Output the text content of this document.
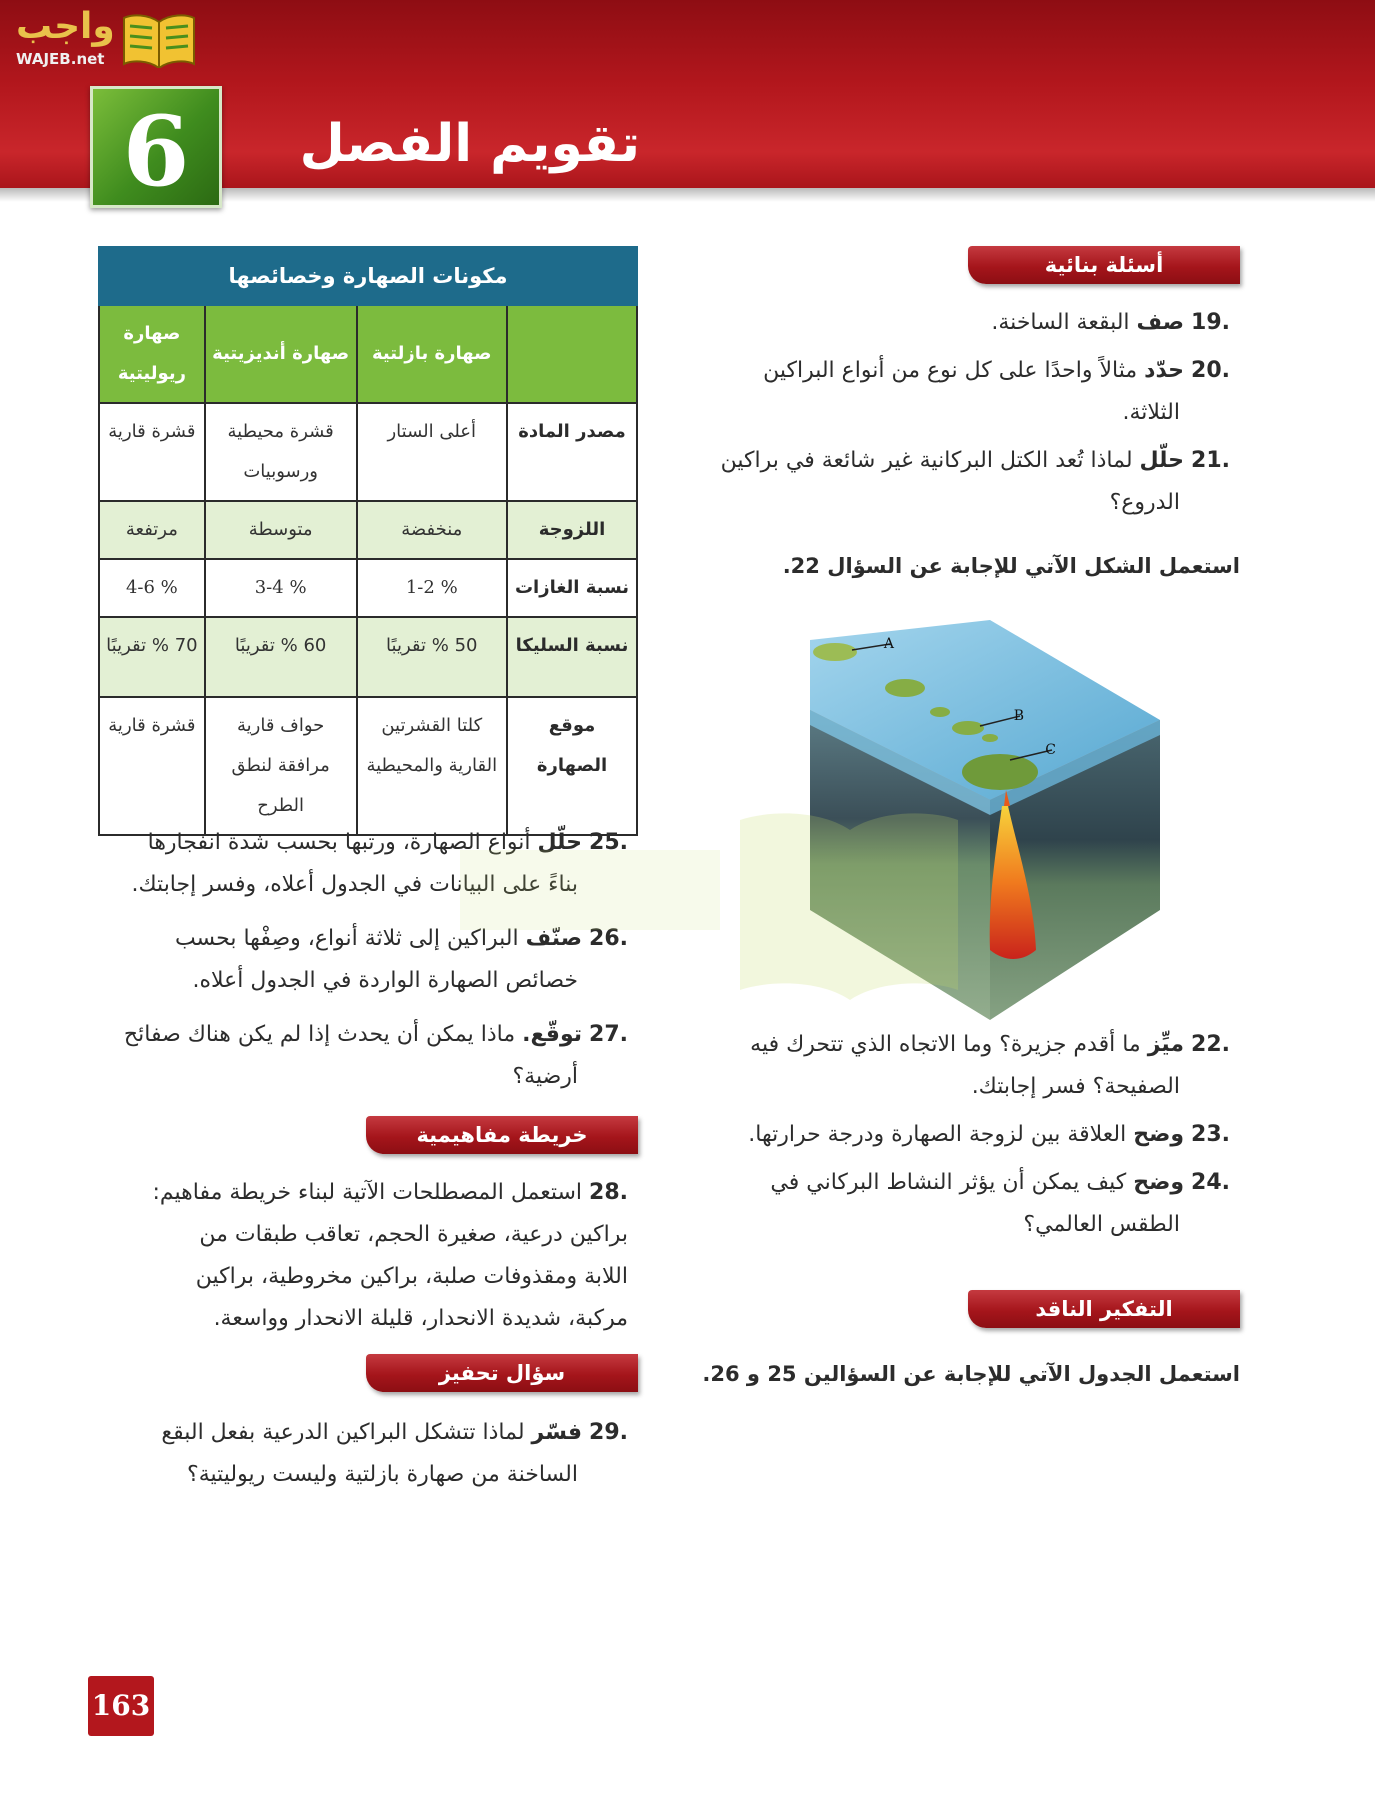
واجب
WAJEB.net
6	تقويم الفصل
أسئلة بنائية
19. صف البقعة الساخنة.
20. حدّد مثالاً واحدًا على كل نوع من أنواع البراكين
الثلاثة.
21. حلّل لماذا تُعد الكتل البركانية غير شائعة في براكين
الدروع؟
استعمل الشكل الآتي للإجابة عن السؤال 22.
A
B
C
22. ميِّز ما أقدم جزيرة؟ وما الاتجاه الذي تتحرك فيه
الصفيحة؟ فسر إجابتك.
23. وضح العلاقة بين لزوجة الصهارة ودرجة حرارتها.
24. وضح كيف يمكن أن يؤثر النشاط البركاني في
الطقس العالمي؟
التفكير الناقد
استعمل الجدول الآتي للإجابة عن السؤالين 25 و 26.
مكونات الصهارة وخصائصها			
	صهارة بازلتية	صهارة أنديزيتية	صهارة ريوليتية
مصدر المادة	أعلى الستار	قشرة محيطية ورسوبيات	قشرة قارية
اللزوجة	منخفضة	متوسطة	مرتفعة
نسبة الغازات	1-2 %	3-4 %	4-6 %
نسبة السليكا	50 % تقريبًا	60 % تقريبًا	70 % تقريبًا
موقع الصهارة	كلتا القشرتين القارية والمحيطية	حواف قارية مرافقة لنطق الطرح	قشرة قارية
25. حلّل أنواع الصهارة، ورتبها بحسب شدة انفجارها
بناءً على البيانات في الجدول أعلاه، وفسر إجابتك.
26. صنّف البراكين إلى ثلاثة أنواع، وصِفْها بحسب
خصائص الصهارة الواردة في الجدول أعلاه.
27. توقّع. ماذا يمكن أن يحدث إذا لم يكن هناك صفائح
أرضية؟
خريطة مفاهيمية
28. استعمل المصطلحات الآتية لبناء خريطة مفاهيم:
براكين درعية، صغيرة الحجم، تعاقب طبقات من
اللابة ومقذوفات صلبة، براكين مخروطية، براكين
مركبة، شديدة الانحدار، قليلة الانحدار وواسعة.
سؤال تحفيز
29. فسّر لماذا تتشكل البراكين الدرعية بفعل البقع
الساخنة من صهارة بازلتية وليست ريوليتية؟
163
